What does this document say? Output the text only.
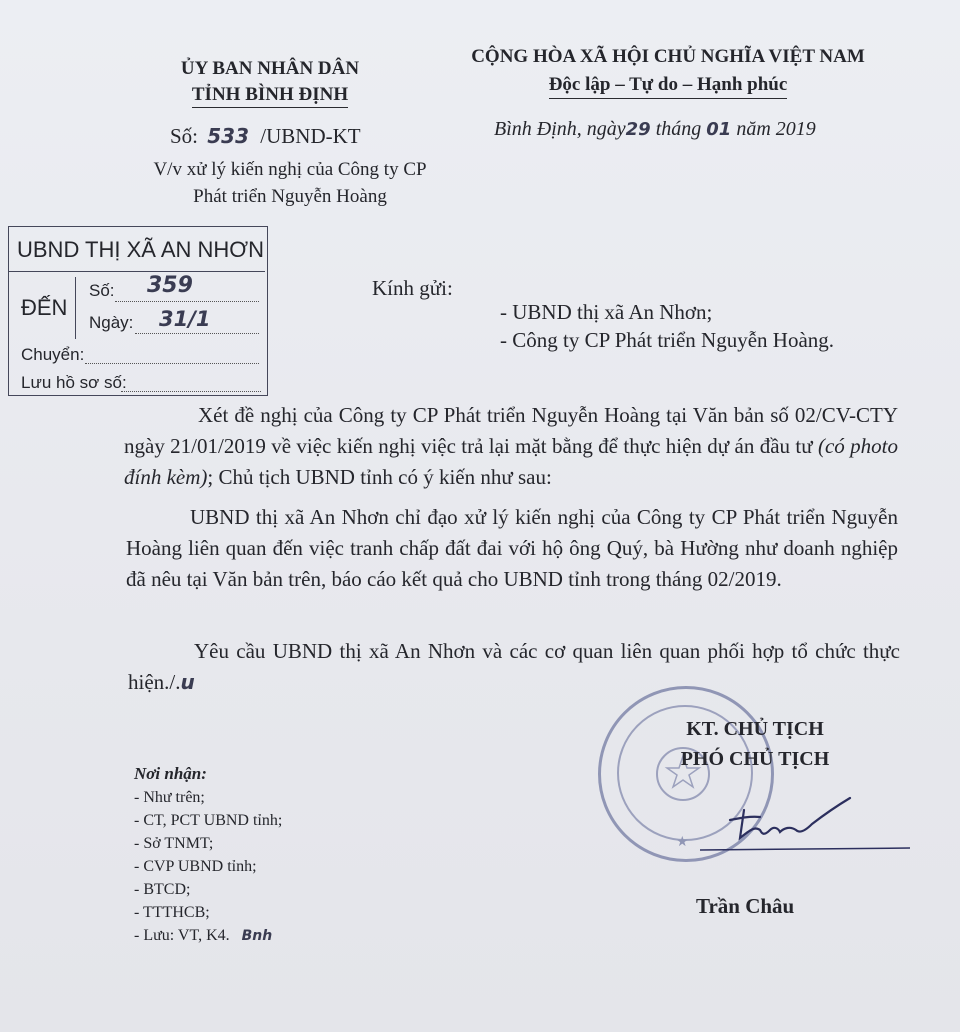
ỦY BAN NHÂN DÂN
TỈNH BÌNH ĐỊNH
Số: 533 /UBND-KT
V/v xử lý kiến nghị của Công ty CP
Phát triển Nguyễn Hoàng
CỘNG HÒA XÃ HỘI CHỦ NGHĨA VIỆT NAM
Độc lập – Tự do – Hạnh phúc
Bình Định, ngày29 tháng 01 năm 2019
UBND THỊ XÃ AN NHƠN
ĐẾN
Số: 359
Ngày: 31/1
Chuyển:
Lưu hồ sơ số:
Kính gửi:
- UBND thị xã An Nhơn;
- Công ty CP Phát triển Nguyễn Hoàng.
Xét đề nghị của Công ty CP Phát triển Nguyễn Hoàng tại Văn bản số 02/CV-CTY ngày 21/01/2019 về việc kiến nghị việc trả lại mặt bằng để thực hiện dự án đầu tư (có photo đính kèm); Chủ tịch UBND tỉnh có ý kiến như sau:
UBND thị xã An Nhơn chỉ đạo xử lý kiến nghị của Công ty CP Phát triển Nguyễn Hoàng liên quan đến việc tranh chấp đất đai với hộ ông Quý, bà Hường như doanh nghiệp đã nêu tại Văn bản trên, báo cáo kết quả cho UBND tỉnh trong tháng 02/2019.
Yêu cầu UBND thị xã An Nhơn và các cơ quan liên quan phối hợp tổ chức thực hiện./.u
Nơi nhận:
- Như trên;
- CT, PCT UBND tỉnh;
- Sở TNMT;
- CVP UBND tỉnh;
- BTCD;
- TTTHCB;
- Lưu: VT, K4. Bnh
★
KT. CHỦ TỊCH
PHÓ CHỦ TỊCH
Trần Châu
